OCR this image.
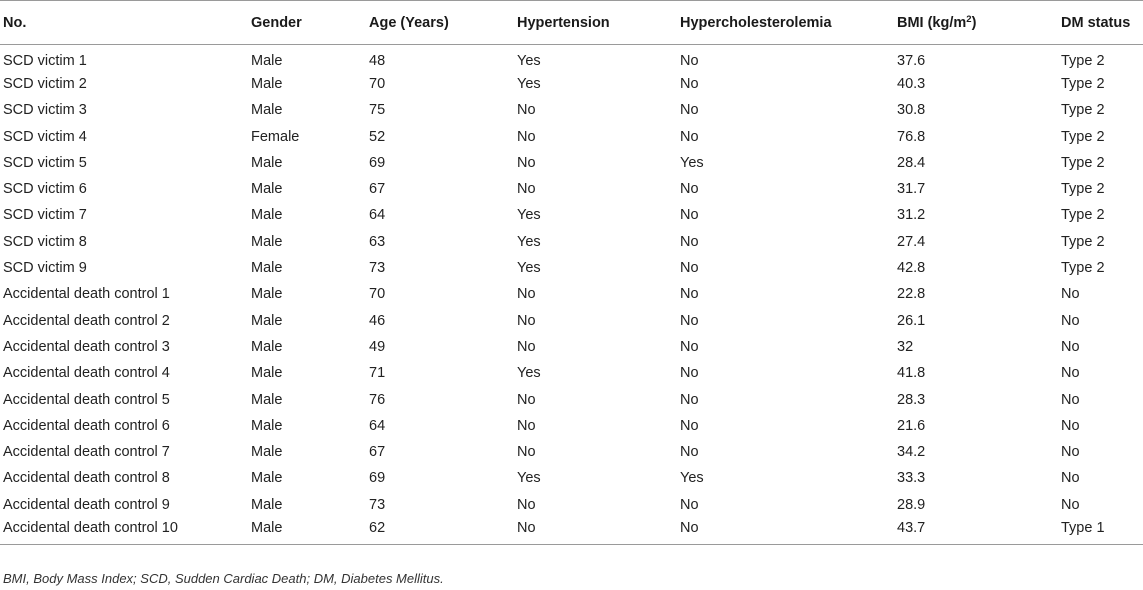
No.	Gender	Age (Years)	Hypertension	Hypercholesterolemia	BMI $(kg/m^2)$	DM status
SCD victim 1	Male	48	Yes	No	37.6	Type 2
SCD victim 2	Male	70	Yes	No	40.3	Type 2
SCD victim 3	Male	75	No	No	30.8	Type 2
SCD victim 4	Female	52	No	No	76.8	Type 2
SCD victim 5	Male	69	No	Yes	28.4	Type 2
SCD victim 6	Male	67	No	No	31.7	Type 2
SCD victim 7	Male	64	Yes	No	31.2	Type 2
SCD victim 8	Male	63	Yes	No	27.4	Type 2
SCD victim 9	Male	73	Yes	No	42.8	Type 2
Accidental death control 1	Male	70	No	No	22.8	No
Accidental death control 2	Male	46	No	No	26.1	No
Accidental death control 3	Male	49	No	No	32	No
Accidental death control 4	Male	71	Yes	No	41.8	No
Accidental death control 5	Male	76	No	No	28.3	No
Accidental death control 6	Male	64	No	No	21.6	No
Accidental death control 7	Male	67	No	No	34.2	No
Accidental death control 8	Male	69	Yes	Yes	33.3	No
Accidental death control 9	Male	73	No	No	28.9	No
Accidental death control 10	Male	62	No	No	43.7	Type 1
BMI, Body Mass Index; SCD, Sudden Cardiac Death; DM, Diabetes Mellitus.
